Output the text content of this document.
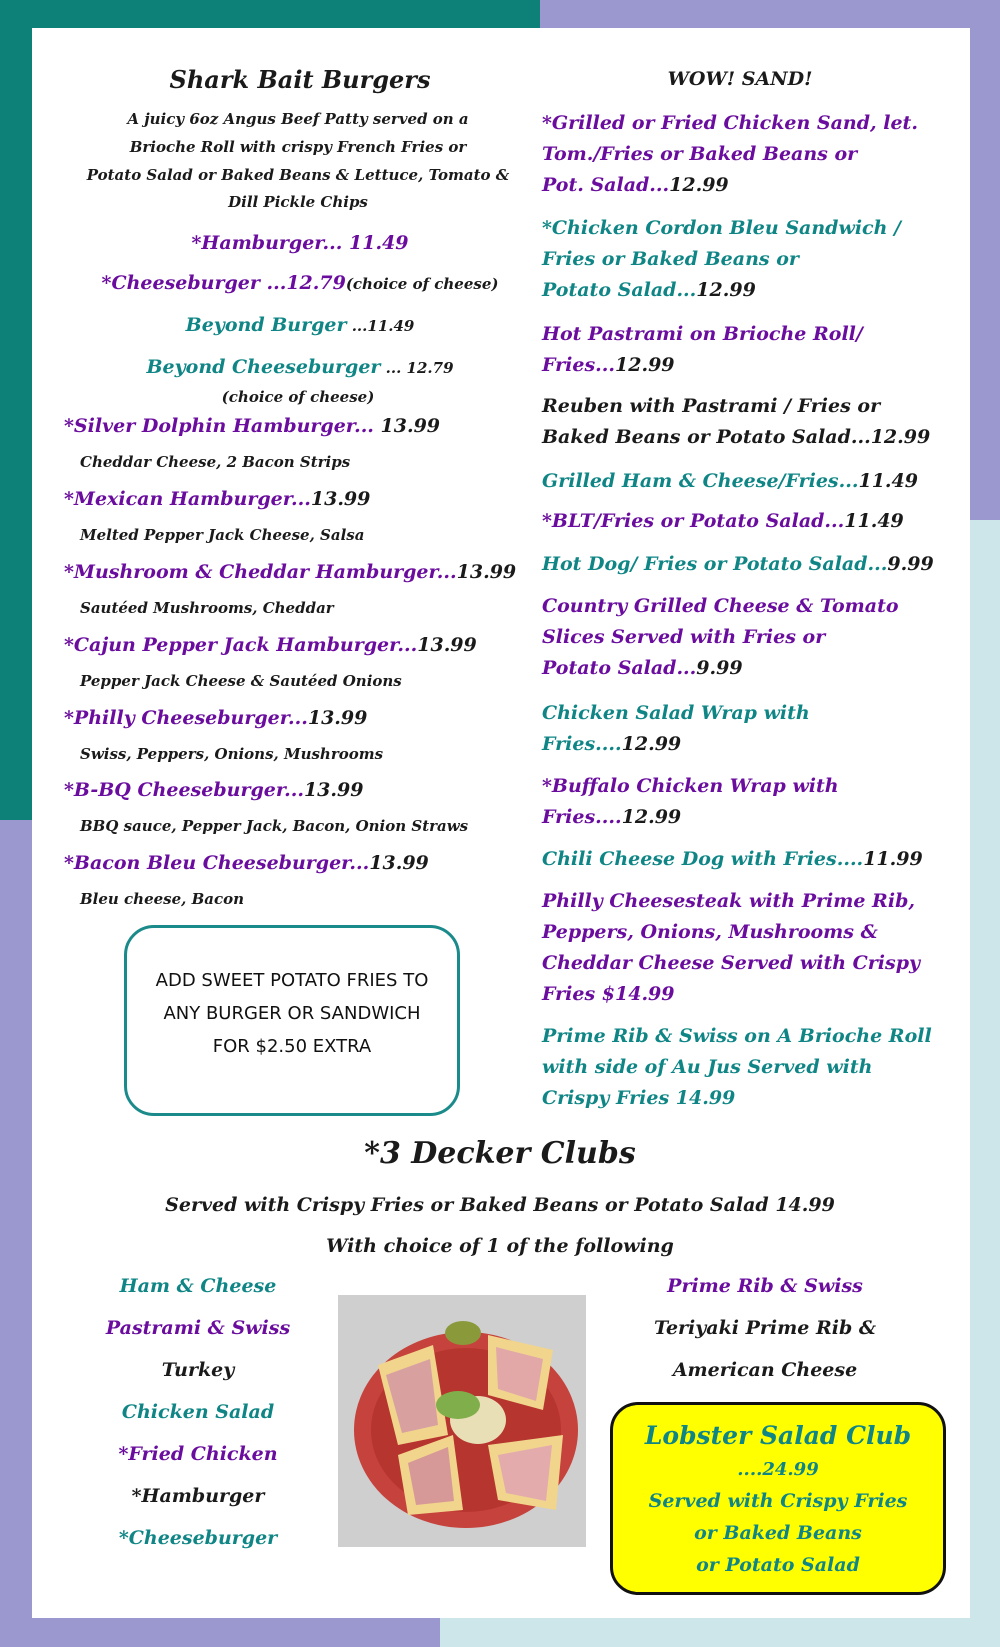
Shark Bait Burgers
A juicy 6oz Angus Beef Patty served on a
Brioche Roll with crispy French Fries or
Potato Salad or Baked Beans & Lettuce, Tomato &
Dill Pickle Chips
*Hamburger... 11.49
*Cheeseburger ...12.79(choice of cheese)
Beyond Burger ...11.49
Beyond Cheeseburger ... 12.79
(choice of cheese)
*Silver Dolphin Hamburger... 13.99
Cheddar Cheese, 2 Bacon Strips
*Mexican Hamburger...13.99
Melted Pepper Jack Cheese, Salsa
*Mushroom & Cheddar Hamburger...13.99
Sautéed Mushrooms, Cheddar
*Cajun Pepper Jack Hamburger...13.99
Pepper Jack Cheese & Sautéed Onions
*Philly Cheeseburger...13.99
Swiss, Peppers, Onions, Mushrooms
*B-BQ Cheeseburger...13.99
BBQ sauce, Pepper Jack, Bacon, Onion Straws
*Bacon Bleu Cheeseburger...13.99
Bleu cheese, Bacon
WOW! SAND!
*Grilled or Fried Chicken Sand, let.
Tom./Fries or Baked Beans or
Pot. Salad...12.99
*Chicken Cordon Bleu Sandwich /
Fries or Baked Beans or
Potato Salad...12.99
Hot Pastrami on Brioche Roll/
Fries...12.99
Reuben with Pastrami / Fries or
Baked Beans or Potato Salad...12.99
Grilled Ham & Cheese/Fries...11.49
*BLT/Fries or Potato Salad...11.49
Hot Dog/ Fries or Potato Salad...9.99
Country Grilled Cheese & Tomato
Slices Served with Fries or
Potato Salad...9.99
Chicken Salad Wrap with
Fries....12.99
*Buffalo Chicken Wrap with
Fries....12.99
Chili Cheese Dog with Fries....11.99
Philly Cheesesteak with Prime Rib,
Peppers, Onions, Mushrooms &
Cheddar Cheese Served with Crispy
Fries $14.99
Prime Rib & Swiss on A Brioche Roll
with side of Au Jus Served with
Crispy Fries 14.99
*3 Decker Clubs
Served with Crispy Fries or Baked Beans or Potato Salad 14.99
With choice of 1 of the following
Ham & Cheese
Pastrami & Swiss
Turkey
Chicken Salad
*Fried Chicken
*Hamburger
*Cheeseburger
Prime Rib & Swiss
Teriyaki Prime Rib &
American Cheese
ADD SWEET POTATO FRIES TO
ANY BURGER OR SANDWICH
FOR $2.50 EXTRA
Lobster Salad Club
....24.99
Served with Crispy Fries
or Baked Beans
or Potato Salad
